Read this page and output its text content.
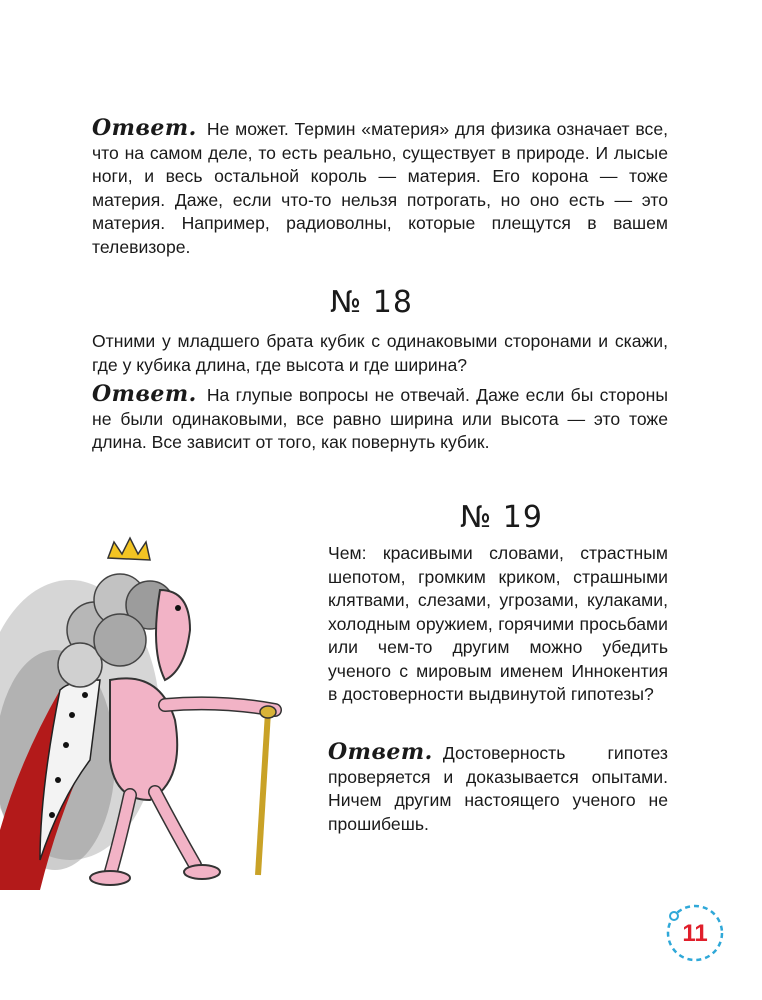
Ответ. Не может. Термин «материя» для физика означает все, что на самом деле, то есть реально, существует в природе. И лысые ноги, и весь остальной король — материя. Его корона — тоже материя. Даже, если что-то нельзя потрогать, но оно есть — это материя. Например, радиоволны, которые плещутся в вашем телевизоре.

№ 18

Отними у младшего брата кубик с одинаковыми сторонами и скажи, где у кубика длина, где высота и где ширина?

Ответ. На глупые вопросы не отвечай. Даже если бы стороны не были одинаковыми, все равно ширина или высота — это тоже длина. Все зависит от того, как повернуть кубик.

№ 19

Чем: красивыми словами, страстным шепотом, громким криком, страшными клятвами, слезами, угрозами, кулаками, холодным оружием, горячими просьбами или чем-то другим можно убедить ученого с мировым именем Иннокентия в достоверности выдвинутой гипотезы?

Ответ. Достоверность гипотез проверяется и доказывается опытами. Ничем другим настоящего ученого не прошибешь.

11
